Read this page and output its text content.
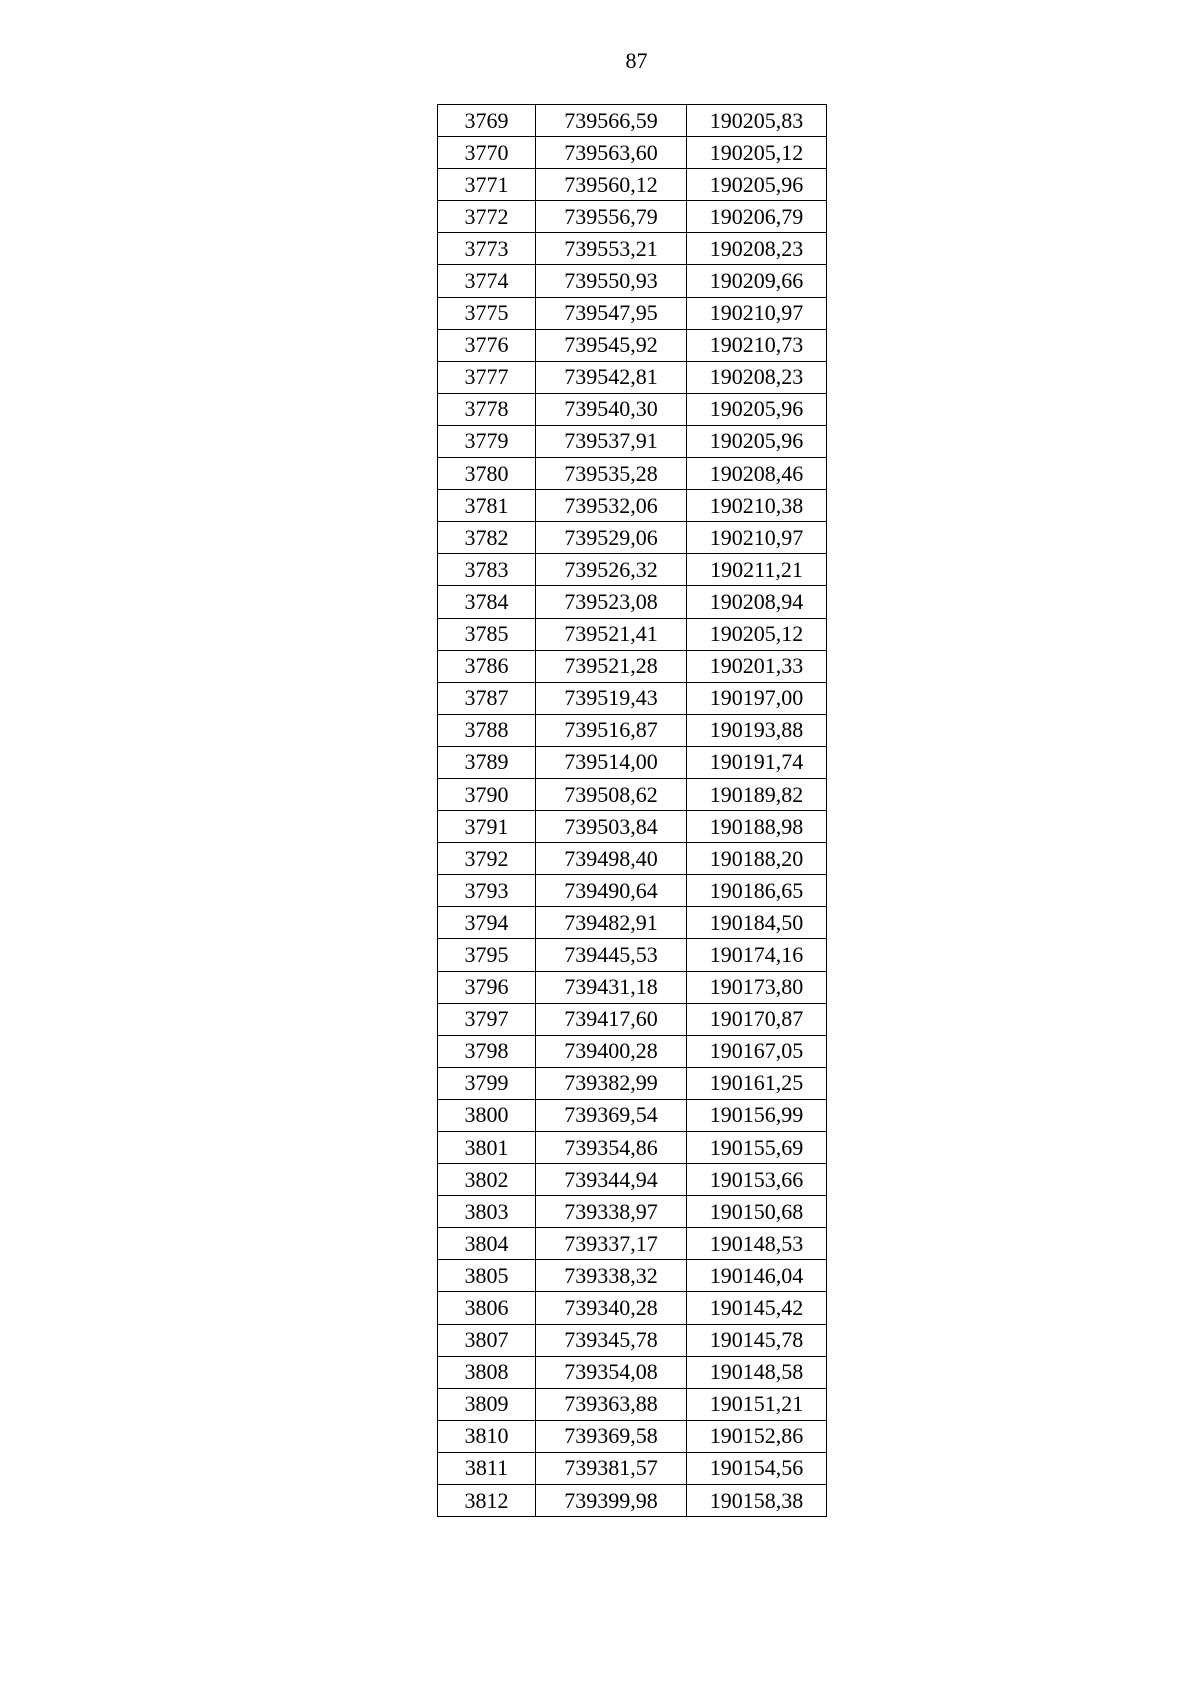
87
3769	739566,59	190205,83
3770	739563,60	190205,12
3771	739560,12	190205,96
3772	739556,79	190206,79
3773	739553,21	190208,23
3774	739550,93	190209,66
3775	739547,95	190210,97
3776	739545,92	190210,73
3777	739542,81	190208,23
3778	739540,30	190205,96
3779	739537,91	190205,96
3780	739535,28	190208,46
3781	739532,06	190210,38
3782	739529,06	190210,97
3783	739526,32	190211,21
3784	739523,08	190208,94
3785	739521,41	190205,12
3786	739521,28	190201,33
3787	739519,43	190197,00
3788	739516,87	190193,88
3789	739514,00	190191,74
3790	739508,62	190189,82
3791	739503,84	190188,98
3792	739498,40	190188,20
3793	739490,64	190186,65
3794	739482,91	190184,50
3795	739445,53	190174,16
3796	739431,18	190173,80
3797	739417,60	190170,87
3798	739400,28	190167,05
3799	739382,99	190161,25
3800	739369,54	190156,99
3801	739354,86	190155,69
3802	739344,94	190153,66
3803	739338,97	190150,68
3804	739337,17	190148,53
3805	739338,32	190146,04
3806	739340,28	190145,42
3807	739345,78	190145,78
3808	739354,08	190148,58
3809	739363,88	190151,21
3810	739369,58	190152,86
3811	739381,57	190154,56
3812	739399,98	190158,38
